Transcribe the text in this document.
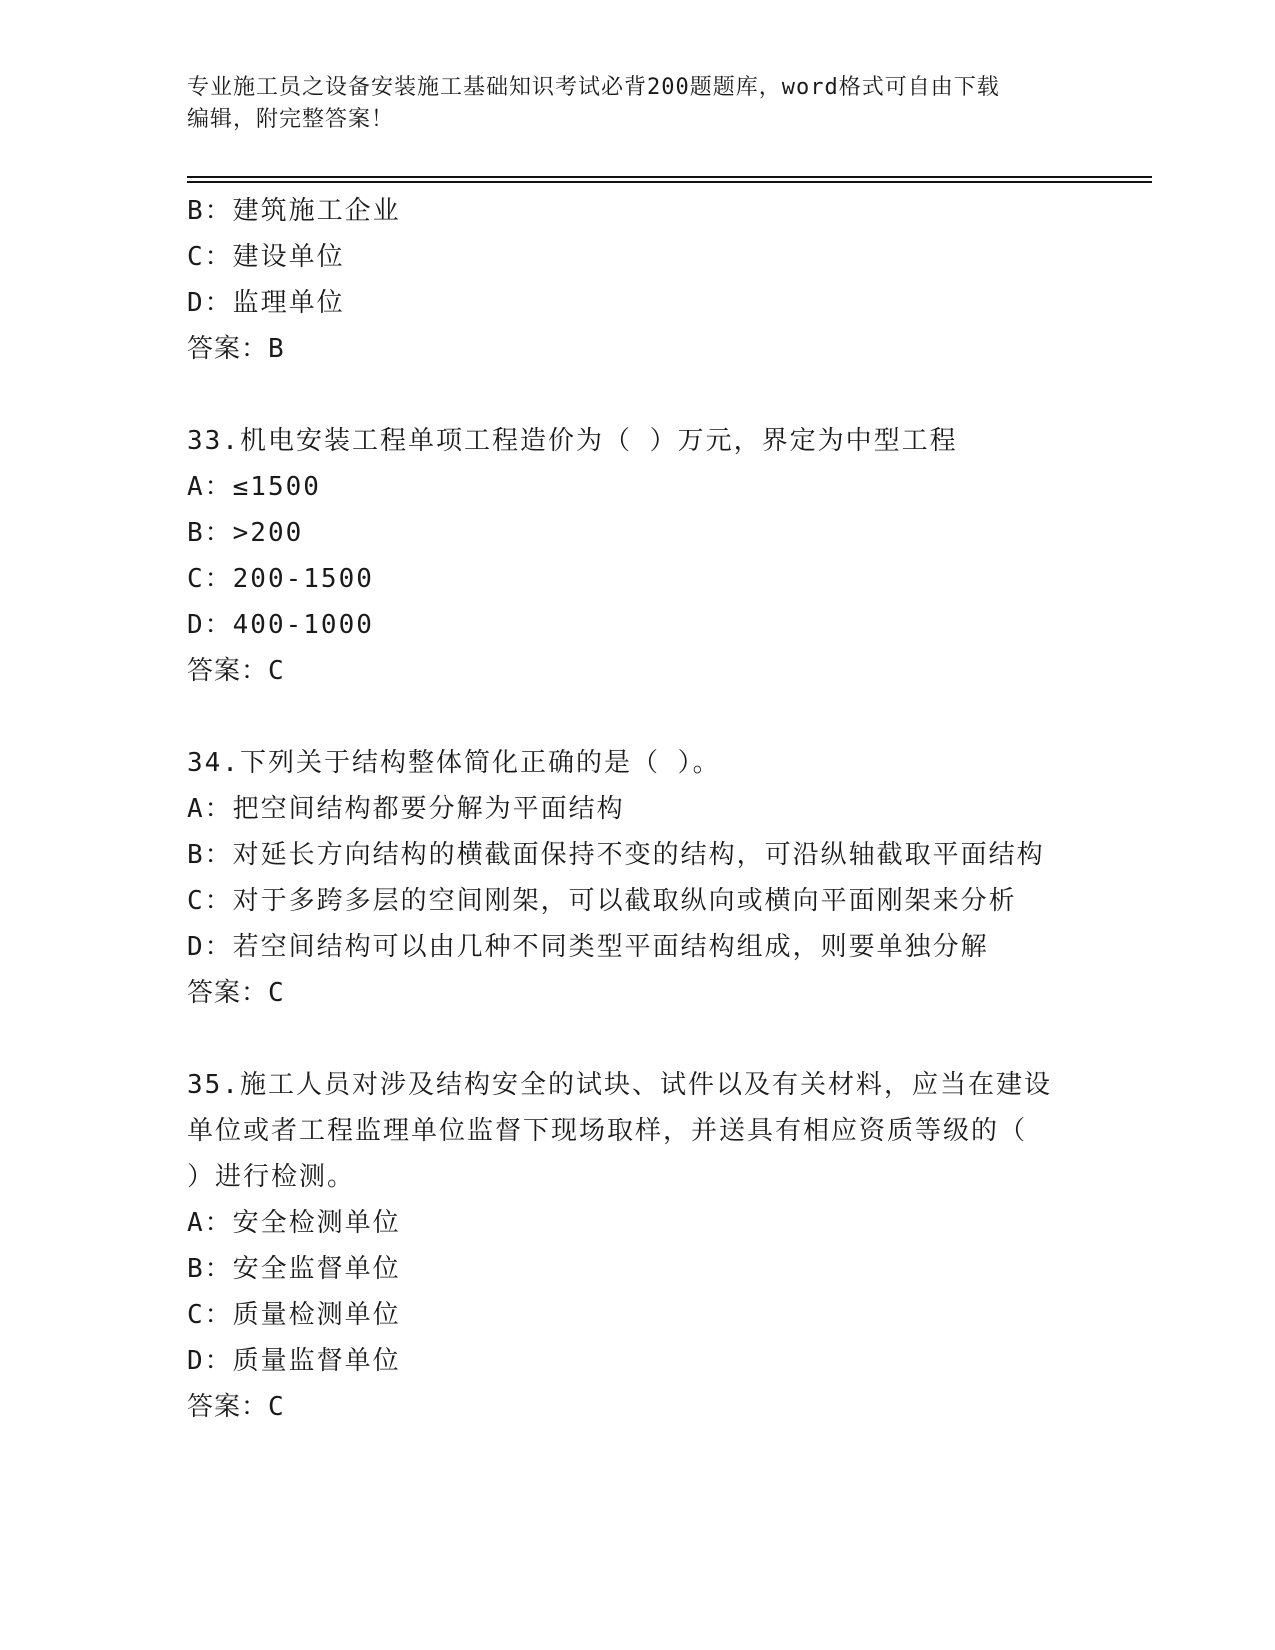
专业施工员之设备安装施工基础知识考试必背200题题库，word格式可自由下载
编辑，附完整答案！
B：建筑施工企业
C：建设单位
D：监理单位
答案：B
33.机电安装工程单项工程造价为（ ）万元，界定为中型工程
A：≤1500
B：>200
C：200-1500
D：400-1000
答案：C
34.下列关于结构整体简化正确的是（ ）。
A：把空间结构都要分解为平面结构
B：对延长方向结构的横截面保持不变的结构，可沿纵轴截取平面结构
C：对于多跨多层的空间刚架，可以截取纵向或横向平面刚架来分析
D：若空间结构可以由几种不同类型平面结构组成，则要单独分解
答案：C
35.施工人员对涉及结构安全的试块、试件以及有关材料，应当在建设
单位或者工程监理单位监督下现场取样，并送具有相应资质等级的（
）进行检测。
A：安全检测单位
B：安全监督单位
C：质量检测单位
D：质量监督单位
答案：C
